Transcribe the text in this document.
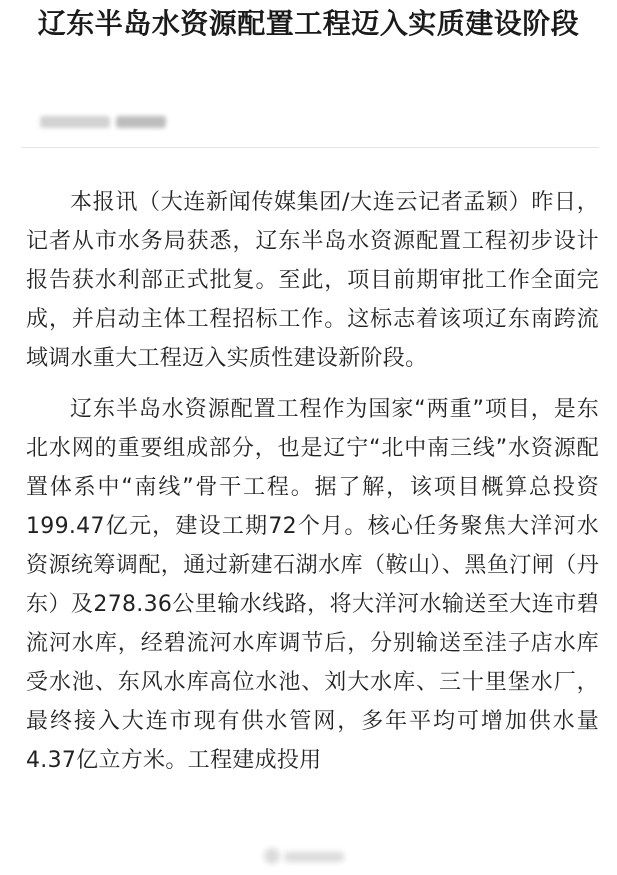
辽东半岛水资源配置工程迈入实质建设阶段

本报讯（大连新闻传媒集团/大连云记者孟颖）昨日，记者从市水务局获悉，辽东半岛水资源配置工程初步设计报告获水利部正式批复。至此，项目前期审批工作全面完成，并启动主体工程招标工作。这标志着该项辽东南跨流域调水重大工程迈入实质性建设新阶段。

辽东半岛水资源配置工程作为国家“两重”项目，是东北水网的重要组成部分，也是辽宁“北中南三线”水资源配置体系中“南线”骨干工程。据了解，该项目概算总投资199.47亿元，建设工期72个月。核心任务聚焦大洋河水资源统筹调配，通过新建石湖水库（鞍山）、黑鱼汀闸（丹东）及278.36公里输水线路，将大洋河水输送至大连市碧流河水库，经碧流河水库调节后，分别输送至洼子店水库受水池、东风水库高位水池、刘大水库、三十里堡水厂，最终接入大连市现有供水管网，多年平均可增加供水量4.37亿立方米。工程建成投用
